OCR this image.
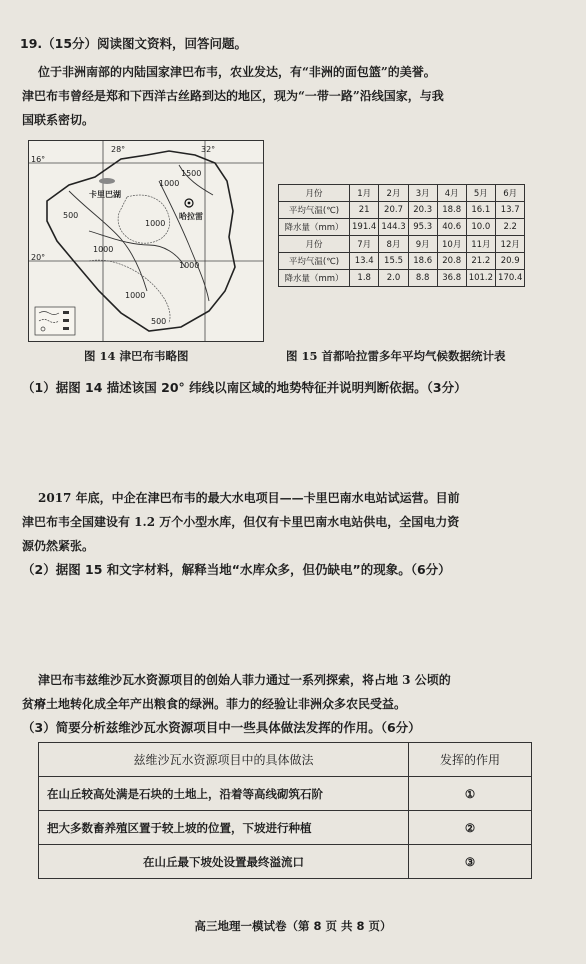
19.（15分）阅读图文资料，回答问题。
位于非洲南部的内陆国家津巴布韦，农业发达，有“非洲的面包篮”的美誉。
津巴布韦曾经是郑和下西洋古丝路到达的地区，现为“一带一路”沿线国家，与我
国联系密切。
28°	32°
16°
20°
卡里巴湖
哈拉雷
1000
1500
1000
1000
500
1000
1000
500
月份	1月	2月	3月	4月	5月	6月
平均气温(℃)	21	20.7	20.3	18.8	16.1	13.7
降水量（mm）	191.4	144.3	95.3	40.6	10.0	2.2
月份	7月	8月	9月	10月	11月	12月
平均气温(℃)	13.4	15.5	18.6	20.8	21.2	20.9
降水量（mm）	1.8	2.0	8.8	36.8	101.2	170.4
图 14 津巴布韦略图	图 15 首都哈拉雷多年平均气候数据统计表
（1）据图 14 描述该国 20° 纬线以南区域的地势特征并说明判断依据。（3分）
2017 年底，中企在津巴布韦的最大水电项目——卡里巴南水电站试运营。目前
津巴布韦全国建设有 1.2 万个小型水库，但仅有卡里巴南水电站供电，全国电力资
源仍然紧张。
（2）据图 15 和文字材料，解释当地“水库众多，但仍缺电”的现象。（6分）
津巴布韦兹维沙瓦水资源项目的创始人菲力通过一系列探索，将占地 3 公顷的
贫瘠土地转化成全年产出粮食的绿洲。菲力的经验让非洲众多农民受益。
（3）简要分析兹维沙瓦水资源项目中一些具体做法发挥的作用。（6分）
兹维沙瓦水资源项目中的具体做法	发挥的作用
在山丘较高处满是石块的土地上，沿着等高线砌筑石阶	①
把大多数畜养殖区置于较上坡的位置，下坡进行种植	②
在山丘最下坡处设置最终溢流口	③
高三地理一模试卷（第 8 页 共 8 页）
